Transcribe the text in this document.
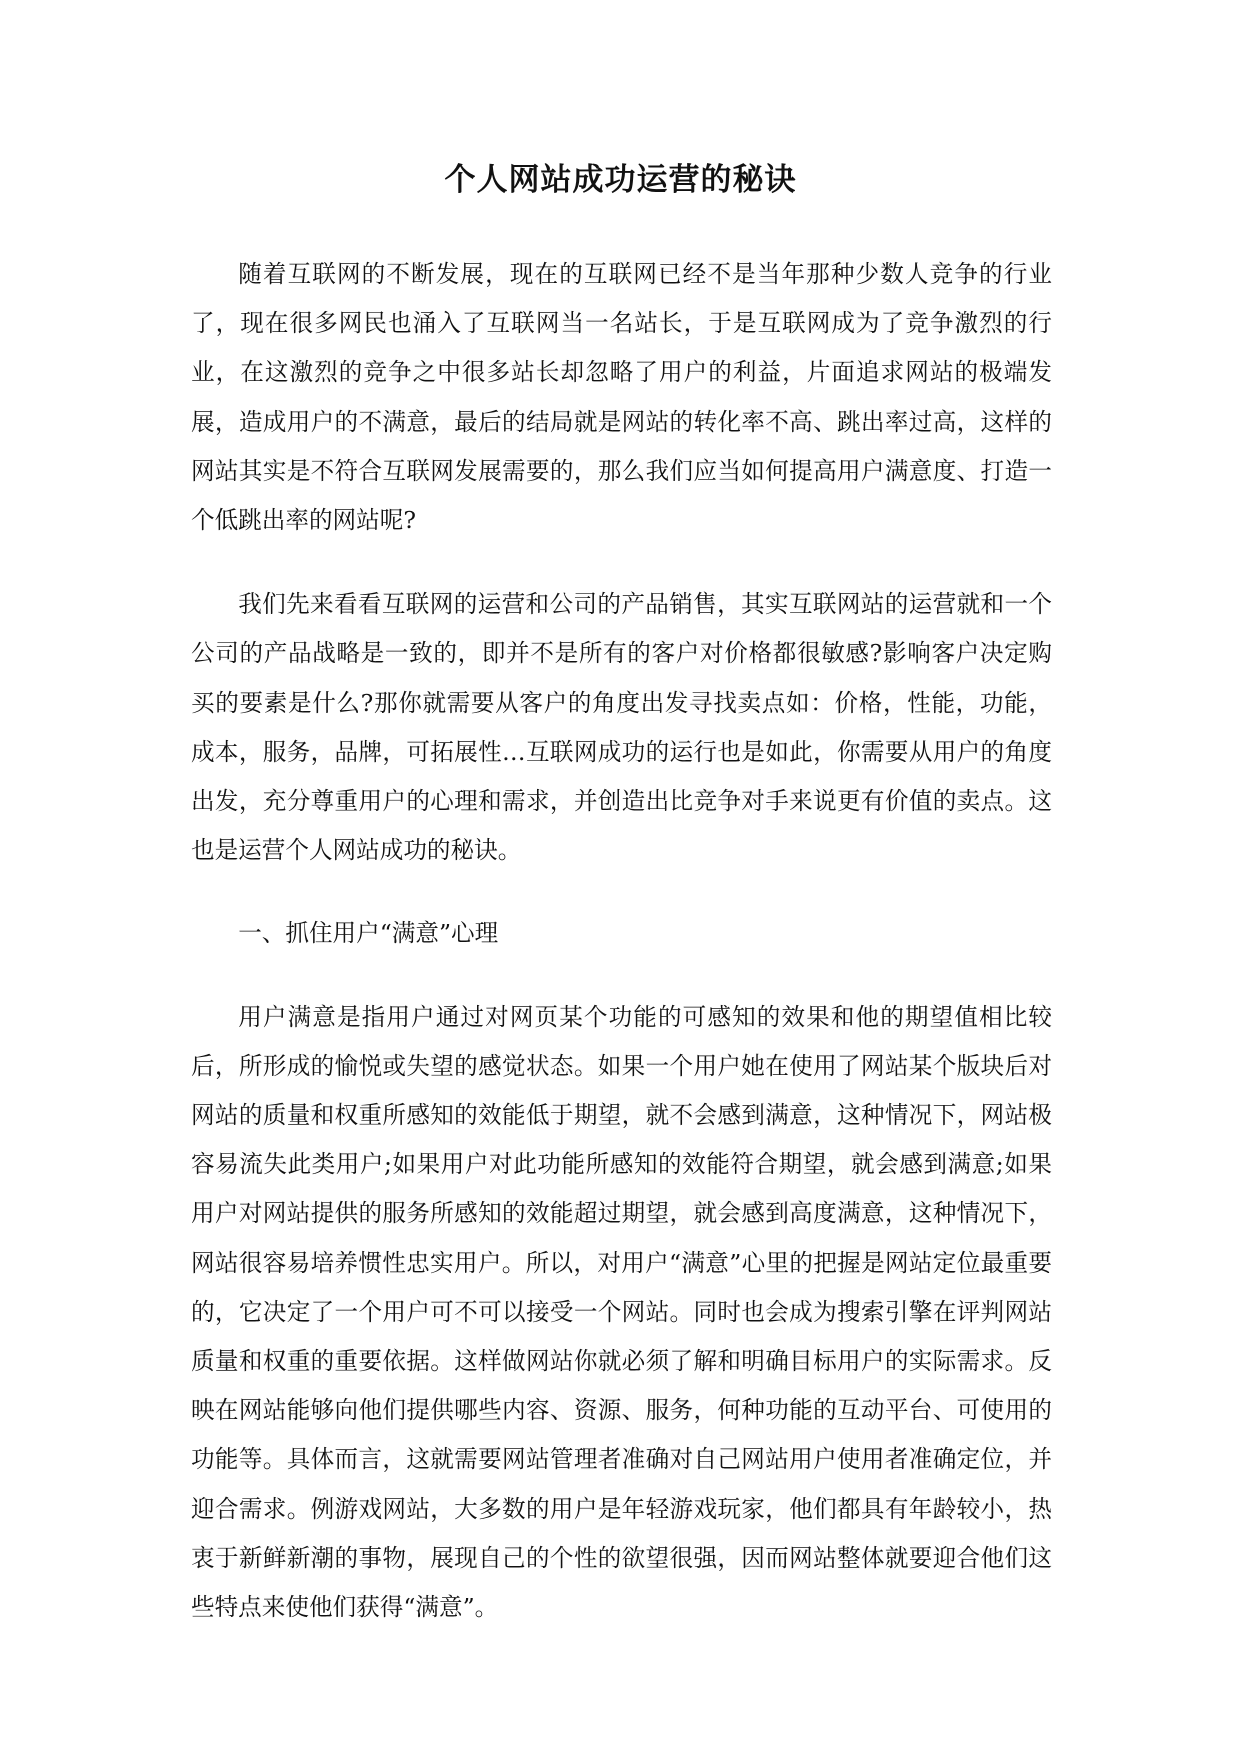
个人网站成功运营的秘诀

随着互联网的不断发展，现在的互联网已经不是当年那种少数人竞争的行业了，现在很多网民也涌入了互联网当一名站长，于是互联网成为了竞争激烈的行业，在这激烈的竞争之中很多站长却忽略了用户的利益，片面追求网站的极端发展，造成用户的不满意，最后的结局就是网站的转化率不高、跳出率过高，这样的网站其实是不符合互联网发展需要的，那么我们应当如何提高用户满意度、打造一个低跳出率的网站呢?

我们先来看看互联网的运营和公司的产品销售，其实互联网站的运营就和一个公司的产品战略是一致的，即并不是所有的客户对价格都很敏感?影响客户决定购买的要素是什么?那你就需要从客户的角度出发寻找卖点如：价格，性能，功能，成本，服务，品牌，可拓展性…互联网成功的运行也是如此，你需要从用户的角度出发，充分尊重用户的心理和需求，并创造出比竞争对手来说更有价值的卖点。这也是运营个人网站成功的秘诀。

一、抓住用户“满意”心理

用户满意是指用户通过对网页某个功能的可感知的效果和他的期望值相比较后，所形成的愉悦或失望的感觉状态。如果一个用户她在使用了网站某个版块后对网站的质量和权重所感知的效能低于期望，就不会感到满意，这种情况下，网站极容易流失此类用户;如果用户对此功能所感知的效能符合期望，就会感到满意;如果用户对网站提供的服务所感知的效能超过期望，就会感到高度满意，这种情况下，网站很容易培养惯性忠实用户。所以，对用户“满意”心里的把握是网站定位最重要的，它决定了一个用户可不可以接受一个网站。同时也会成为搜索引擎在评判网站质量和权重的重要依据。这样做网站你就必须了解和明确目标用户的实际需求。反映在网站能够向他们提供哪些内容、资源、服务，何种功能的互动平台、可使用的功能等。具体而言，这就需要网站管理者准确对自己网站用户使用者准确定位，并迎合需求。例游戏网站，大多数的用户是年轻游戏玩家，他们都具有年龄较小，热衷于新鲜新潮的事物，展现自己的个性的欲望很强，因而网站整体就要迎合他们这些特点来使他们获得“满意”。
